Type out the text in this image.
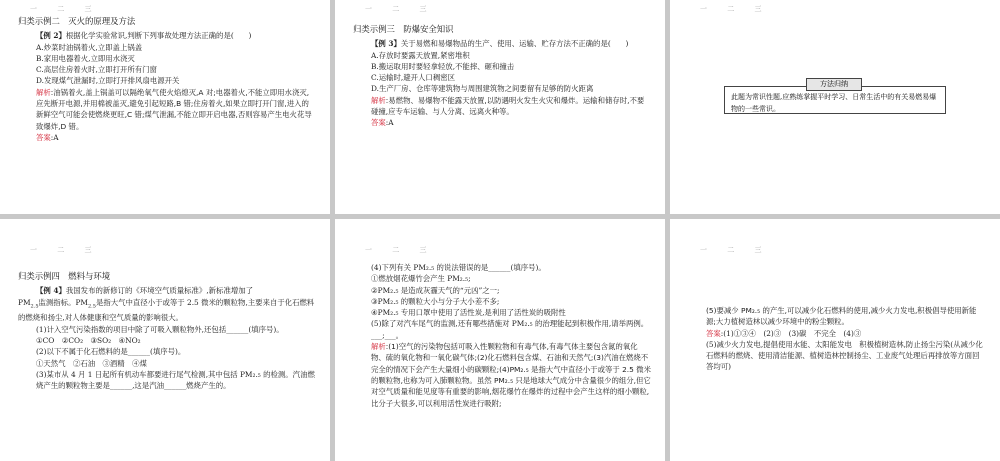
一 二 三
归类示例二　灭火的原理及方法

【例 2】根据化学实验常识,判断下列事故处理方法正确的是(　　)

A.炒菜时油锅着火,立即盖上锅盖

B.家用电器着火,立即用水浇灭

C.高层住房着火时,立即打开所有门窗

D.发现煤气泄漏时,立即打开排风扇电源开关

解析:油锅着火,盖上锅盖可以隔绝氧气使火焰熄灭,A 对;电器着火,不能立即用水浇灭,应先断开电源,并用棉被盖灭,避免引起短路,B 错;住房着火,如果立即打开门窗,进入的新鲜空气可能会使燃烧更旺,C 错;煤气泄漏,不能立即开启电器,否则容易产生电火花导致爆炸,D 错。

答案:A

一 二 三
归类示例三　防爆安全知识

【例 3】关于易燃和易爆物品的生产、使用、运输、贮存方法不正确的是(　　)

A.存放时要露天放置,紧密堆积

B.搬运取用时要轻拿轻放,不能摔、砸和撞击

C.运输时,避开人口稠密区

D.生产厂房、仓库等建筑物与周围建筑物之间要留有足够的防火距离

解析:易燃物、易爆物不能露天放置,以防遇明火发生火灾和爆炸。运输和储存时,不要碰撞,应专车运输、与人分离、远离火种等。

答案:A

一 二 三
此题为常识性题,应熟练掌握平时学习、日常生活中的有关易燃易爆物的一些常识。
方法归纳
一 二 三
归类示例四　燃料与环境

【例 4】我国发布的新修订的《环境空气质量标准》,新标准增加了

$PM_{2.5}$监测指标。$PM_{2.5}$是指大气中直径小于或等于 2.5 微米的颗粒物,主要来自于化石燃料的燃烧和扬尘,对人体健康和空气质量的影响很大。

(1)计入空气污染指数的项目中除了可吸入颗粒物外,还包括______(填序号)。

①CO　②CO₂　③SO₂　④NO₂

(2)以下不属于化石燃料的是______(填序号)。

①天然气　②石油　③酒精　④煤

(3)某市从 4 月 1 日起所有机动车都要进行尾气检测,其中包括 PM₂.₅ 的检测。汽油燃烧产生的颗粒物主要是______,这是汽油______燃烧产生的。

一 二 三

(4)下列有关 PM₂.₅ 的说法错误的是______(填序号)。

①燃放烟花爆竹会产生 PM₂.₅;

②PM₂.₅ 是造成灰霾天气的“元凶”之一;

③PM₂.₅ 的颗粒大小与分子大小差不多;

④PM₂.₅ 专用口罩中使用了活性炭,是利用了活性炭的吸附性

(5)除了对汽车尾气的监测,还有哪些措施对 PM₂.₅ 的治理能起到积极作用,请举两例。___;___。

解析:(1)空气的污染物包括可吸入性颗粒物和有毒气体,有毒气体主要包含氮的氧化物、硫的氧化物和一氧化碳气体;(2)化石燃料包含煤、石油和天然气;(3)汽油在燃烧不完全的情况下会产生大量细小的碳颗粒;(4)PM₂.₅ 是指大气中直径小于或等于 2.5 微米的颗粒物,也称为可入肺颗粒物。虽然 PM₂.₅ 只是地球大气成分中含量很少的组分,但它对空气质量和能见度等有重要的影响,烟花爆竹在爆炸的过程中会产生这样的细小颗粒,比分子大很多,可以利用活性炭进行吸附;

一 二 三

(5)要减少 PM₂.₅ 的产生,可以减少化石燃料的使用,减少火力发电,积极倡导使用新能源;大力植树造林以减少环境中的粉尘颗粒。

答案:(1)①③④　(2)③　(3)碳　不完全　(4)③

(5)减少火力发电,提倡使用水能、太阳能发电　积极植树造林,防止扬尘污染(从减少化石燃料的燃烧、使用清洁能源、植树造林控制扬尘、工业废气处理后再排放等方面回答均可)
